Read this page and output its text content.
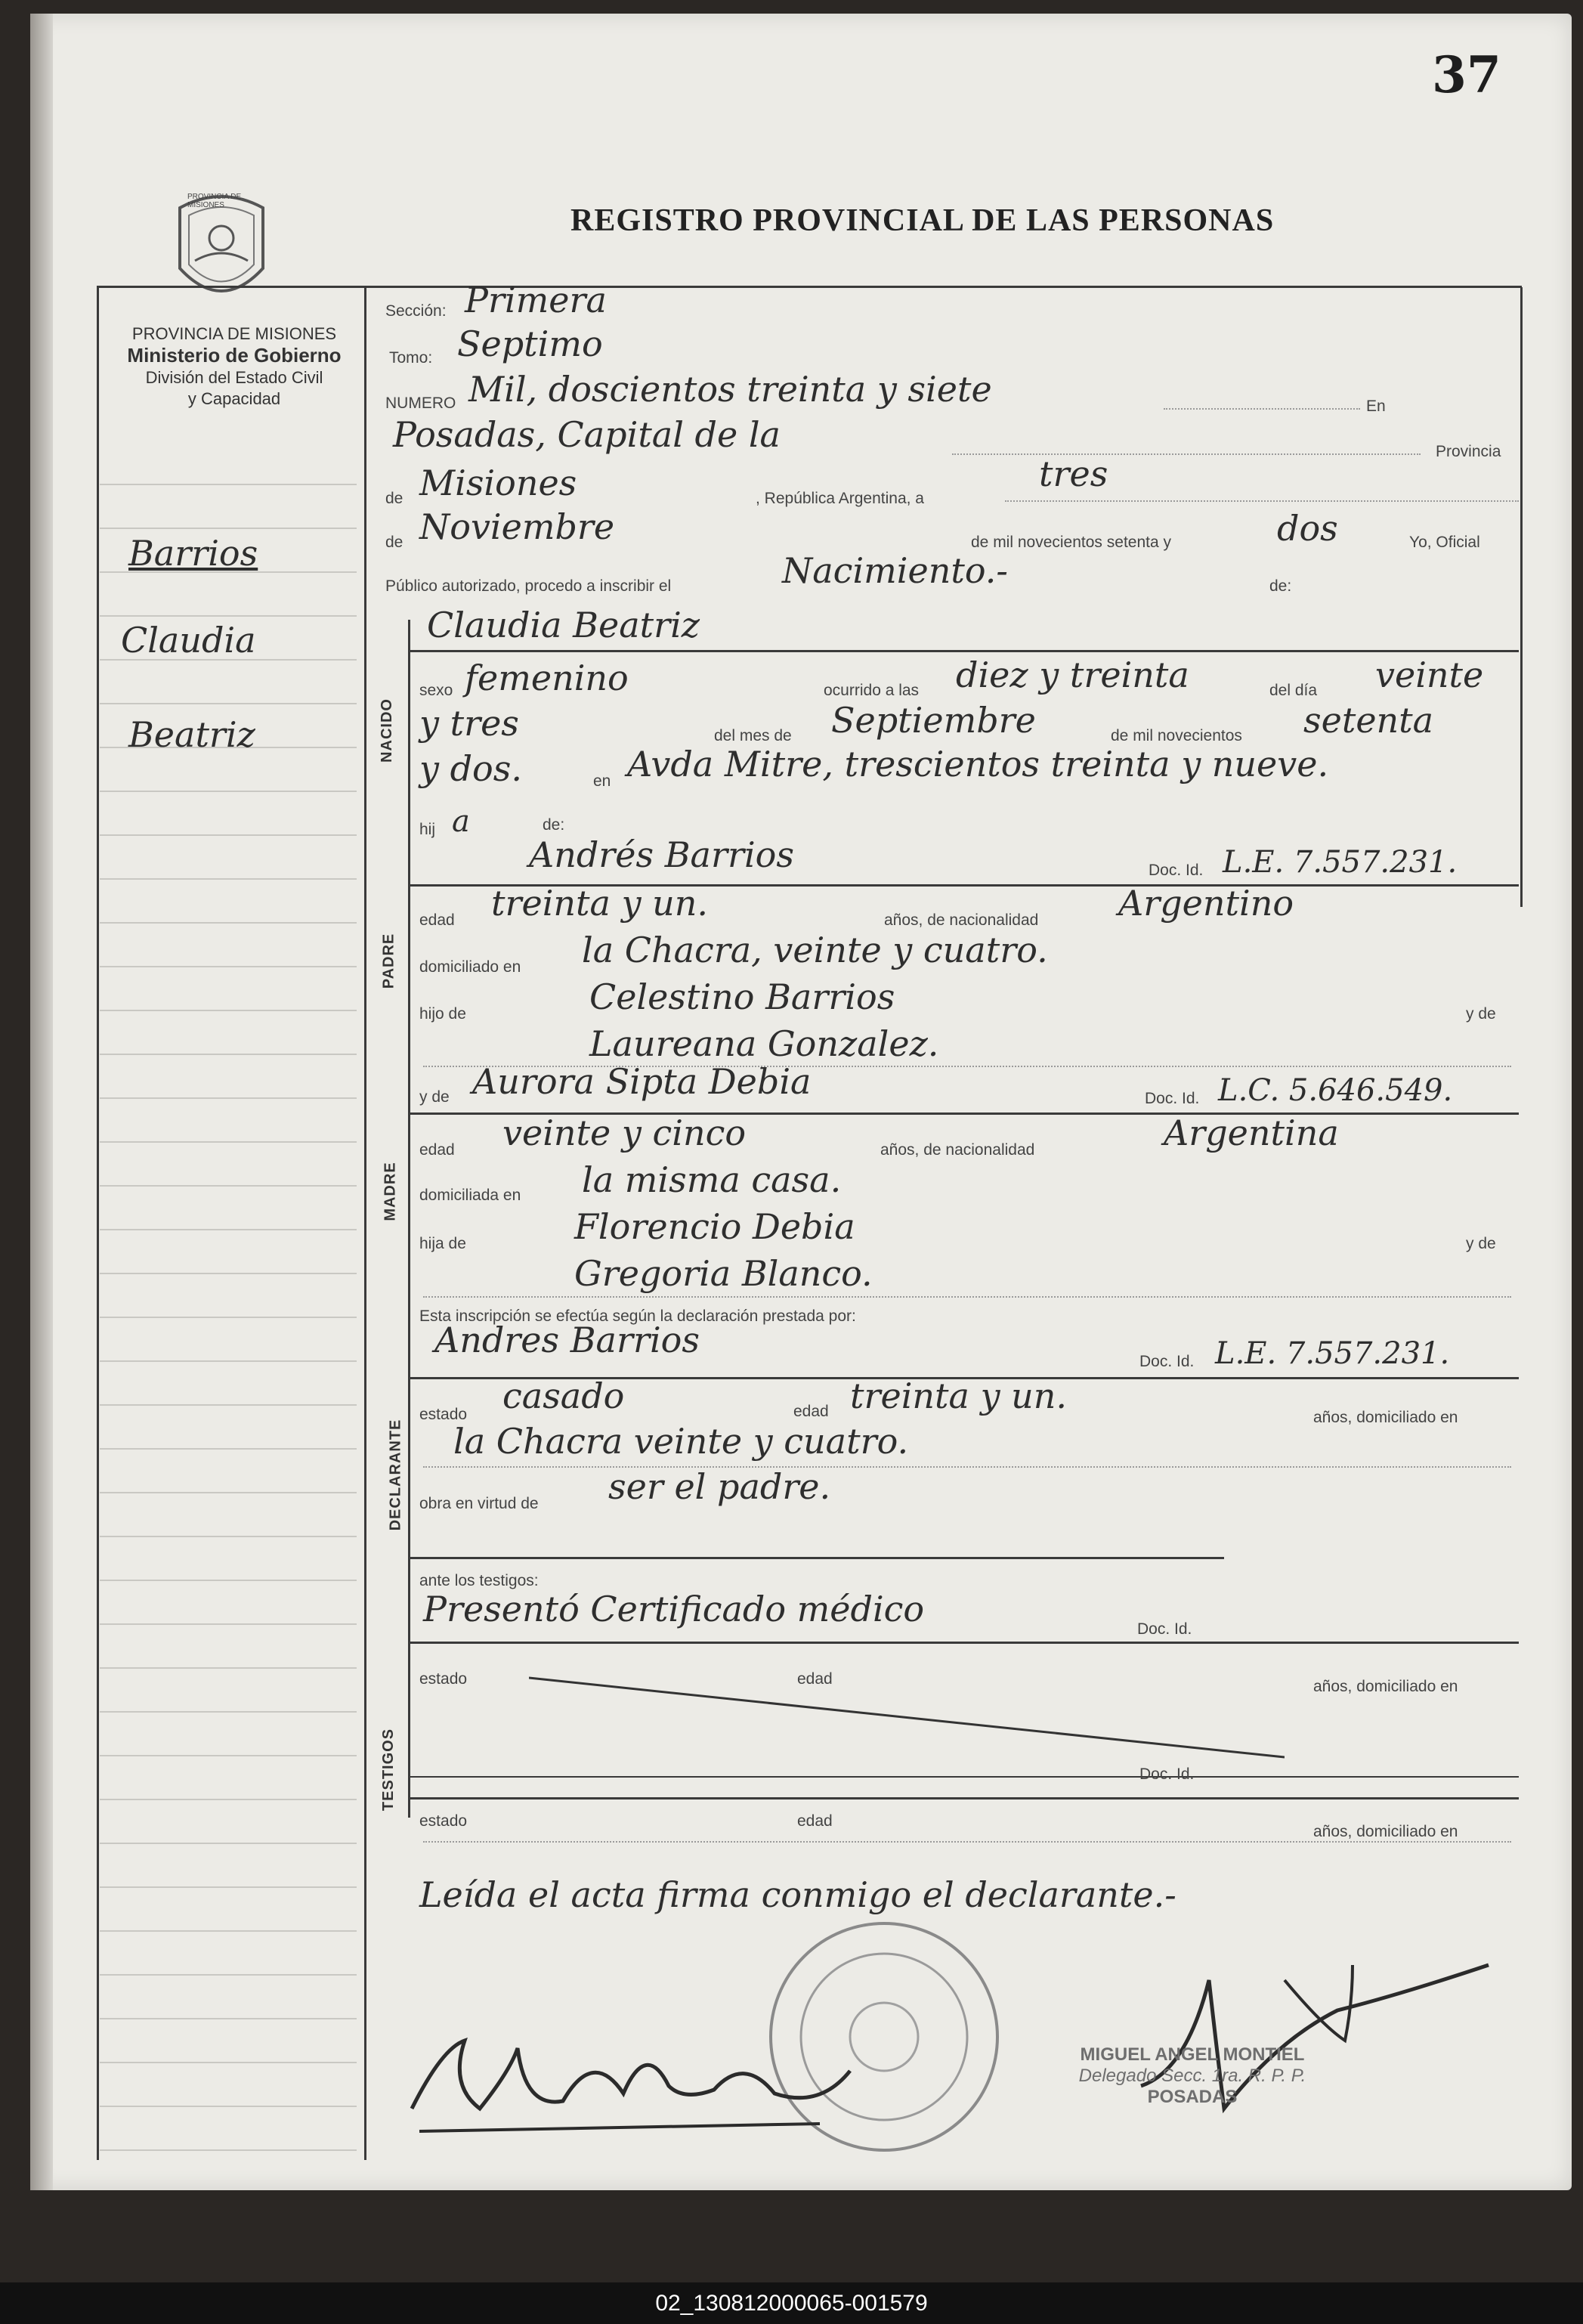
37
PROVINCIA DE MISIONES
PROVINCIA DE MISIONES
Ministerio de Gobierno
División del Estado Civil
y Capacidad
REGISTRO PROVINCIAL DE LAS PERSONAS
Barrios
Claudia
Beatriz	NACIDO
PADRE
MADRE
DECLARANTE
TESTIGOS
Sección: Primera
Tomo: Septimo
NUMERO Mil, doscientos treinta y siete	En
Posadas, Capital de la	Provincia
de Misiones	, República Argentina, a
tres
de Noviembre	de mil novecientos setenta y	dos	Yo, Oficial
Público autorizado, procedo a inscribir el	Nacimiento.-	de:
Claudia Beatriz
sexo femenino	ocurrido a las diez y treinta	del día veinte
y tres	del mes de Septiembre	de mil novecientos setenta
y dos.	en Avda Mitre, trescientos treinta y nueve.
hij a	de:
Andrés Barrios	Doc. Id. L.E. 7.557.231.
edad treinta y un.	años, de nacionalidad Argentino
domiciliado en la Chacra, veinte y cuatro.
hijo de	Celestino Barrios	y de
Laureana Gonzalez.
y de Aurora Sipta Debia	Doc. Id. L.C. 5.646.549.
edad veinte y cinco	años, de nacionalidad	Argentina
domiciliada en la misma casa.
hija de	Florencio Debia	y de
Gregoria Blanco.
Esta inscripción se efectúa según la declaración prestada por:
Andres Barrios
Doc. Id. L.E. 7.557.231.
estado casado	edad treinta y un.
años, domiciliado en
la Chacra veinte y cuatro.
obra en virtud de ser el padre.
ante los testigos:
Presentó Certificado médico	Doc. Id.
estado	edad	años, domiciliado en
Doc. Id.
estado	edad
años, domiciliado en
Leída el acta firma conmigo el declarante.-
MIGUEL ANGEL MONTIEL
Delegado Secc. 1ra. R. P. P.
POSADAS
02_130812000065-001579
